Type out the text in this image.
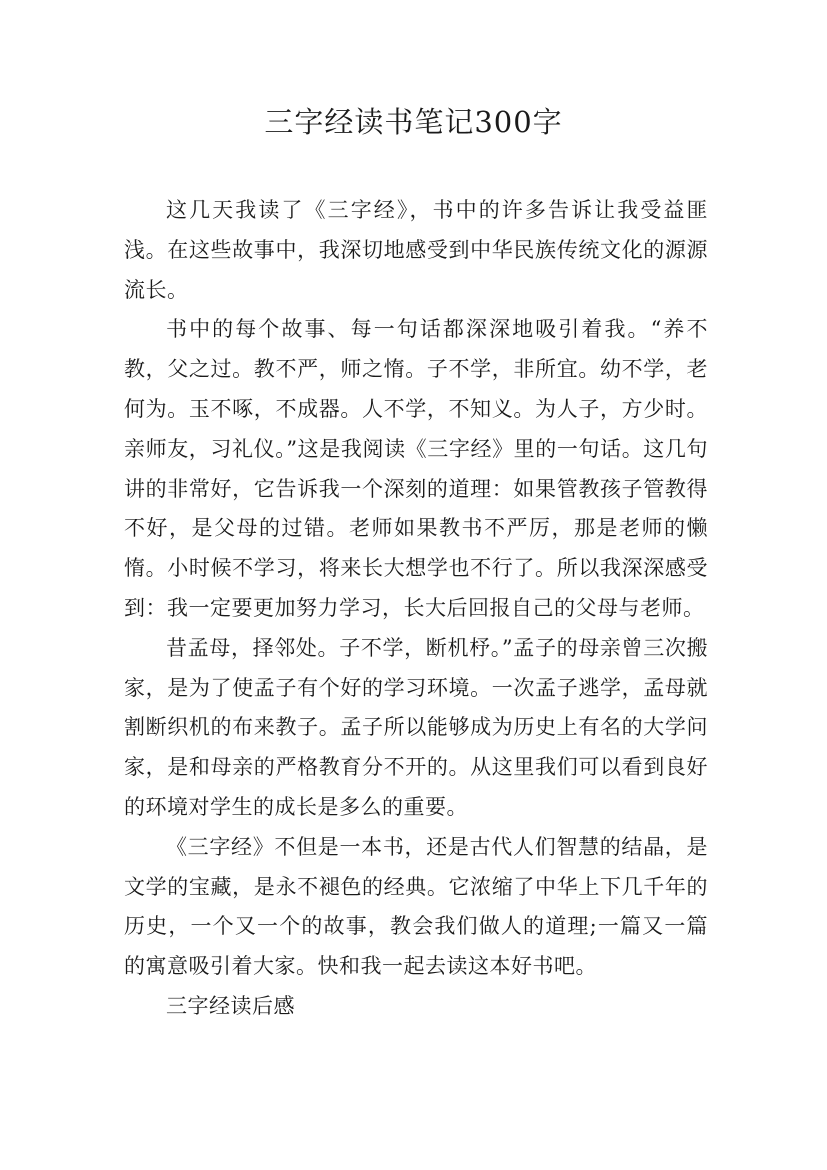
三字经读书笔记300字

这几天我读了《三字经》，书中的许多告诉让我受益匪浅。在这些故事中，我深切地感受到中华民族传统文化的源源流长。

书中的每个故事、每一句话都深深地吸引着我。“养不教，父之过。教不严，师之惰。子不学，非所宜。幼不学，老何为。玉不啄，不成器。人不学，不知义。为人子，方少时。亲师友，习礼仪。”这是我阅读《三字经》里的一句话。这几句讲的非常好，它告诉我一个深刻的道理：如果管教孩子管教得不好，是父母的过错。老师如果教书不严厉，那是老师的懒惰。小时候不学习，将来长大想学也不行了。所以我深深感受到：我一定要更加努力学习，长大后回报自己的父母与老师。

昔孟母，择邻处。子不学，断机杼。”孟子的母亲曾三次搬家，是为了使孟子有个好的学习环境。一次孟子逃学，孟母就割断织机的布来教子。孟子所以能够成为历史上有名的大学问家，是和母亲的严格教育分不开的。从这里我们可以看到良好的环境对学生的成长是多么的重要。

《三字经》不但是一本书，还是古代人们智慧的结晶，是文学的宝藏，是永不褪色的经典。它浓缩了中华上下几千年的历史，一个又一个的故事，教会我们做人的道理;一篇又一篇的寓意吸引着大家。快和我一起去读这本好书吧。

三字经读后感
